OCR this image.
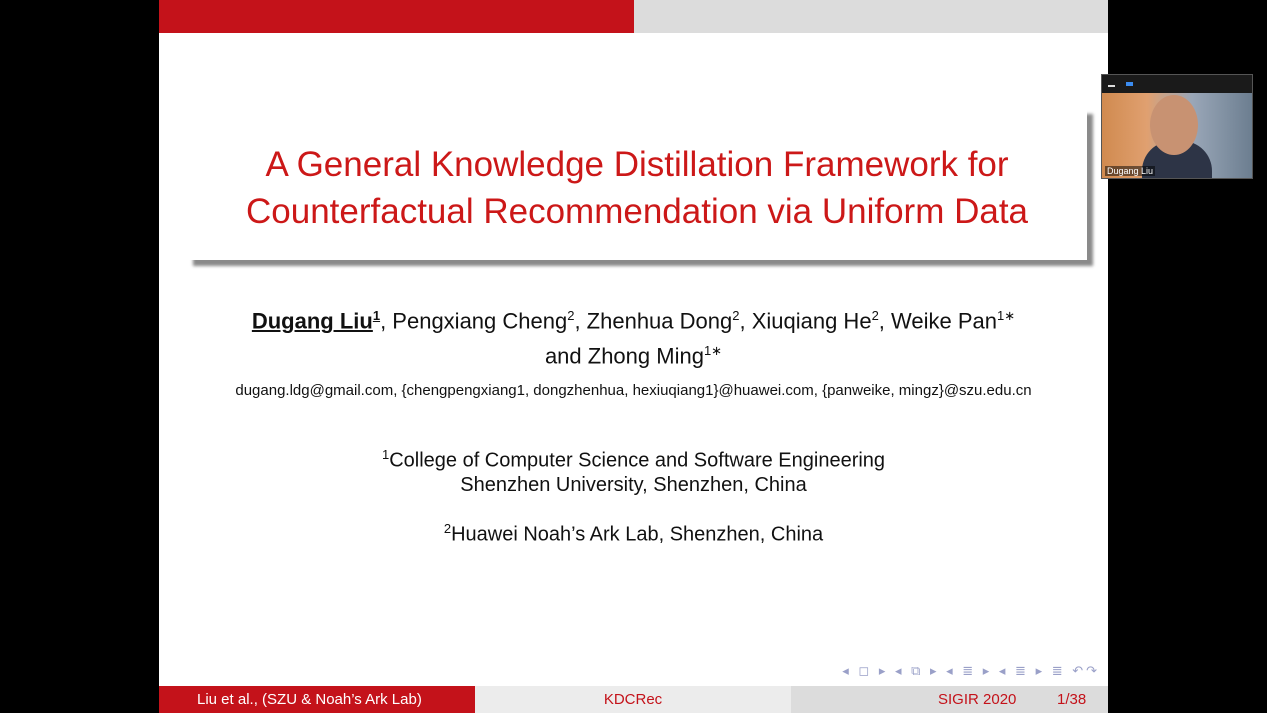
A General Knowledge Distillation Framework for
Counterfactual Recommendation via Uniform Data
Dugang Liu$^1$, Pengxiang Cheng$^2$, Zhenhua Dong$^2$, Xiuqiang He$^2$, Weike Pan$^{1∗}$
and Zhong Ming$^{1∗}$
dugang.ldg@gmail.com, {chengpengxiang1, dongzhenhua, hexiuqiang1}@huawei.com, {panweike, mingz}@szu.edu.cn
$^1$College of Computer Science and Software Engineering
Shenzhen University, Shenzhen, China
$^2$Huawei Noah’s Ark Lab, Shenzhen, China
◂ ◻ ▸ ◂ ⧉ ▸ ◂ ≣ ▸ ◂ ≣ ▸ ≣ ↶↷
Liu et al., (SZU & Noah’s Ark Lab)	KDCRec	SIGIR 2020	1/38
Dugang Liu
